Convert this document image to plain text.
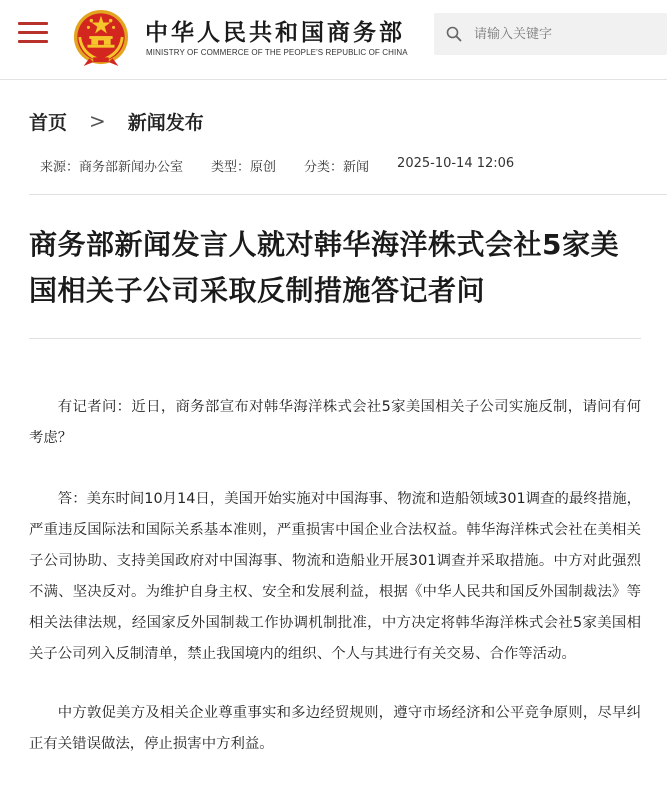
中华人民共和国商务部
MINISTRY OF COMMERCE OF THE PEOPLE'S REPUBLIC OF CHINA
请输入关键字
首页 > 新闻发布
来源：商务部新闻办公室 类型：原创 分类：新闻 2025-10-14 12:06
商务部新闻发言人就对韩华海洋株式会社5家美国相关子公司采取反制措施答记者问

有记者问：近日，商务部宣布对韩华海洋株式会社5家美国相关子公司实施反制，请问有何考虑？

答：美东时间10月14日，美国开始实施对中国海事、物流和造船领域301调查的最终措施，严重违反国际法和国际关系基本准则，严重损害中国企业合法权益。韩华海洋株式会社在美相关子公司协助、支持美国政府对中国海事、物流和造船业开展301调查并采取措施。中方对此强烈不满、坚决反对。为维护自身主权、安全和发展利益，根据《中华人民共和国反外国制裁法》等相关法律法规，经国家反外国制裁工作协调机制批准，中方决定将韩华海洋株式会社5家美国相关子公司列入反制清单，禁止我国境内的组织、个人与其进行有关交易、合作等活动。

中方敦促美方及相关企业尊重事实和多边经贸规则，遵守市场经济和公平竞争原则，尽早纠正有关错误做法，停止损害中方利益。
